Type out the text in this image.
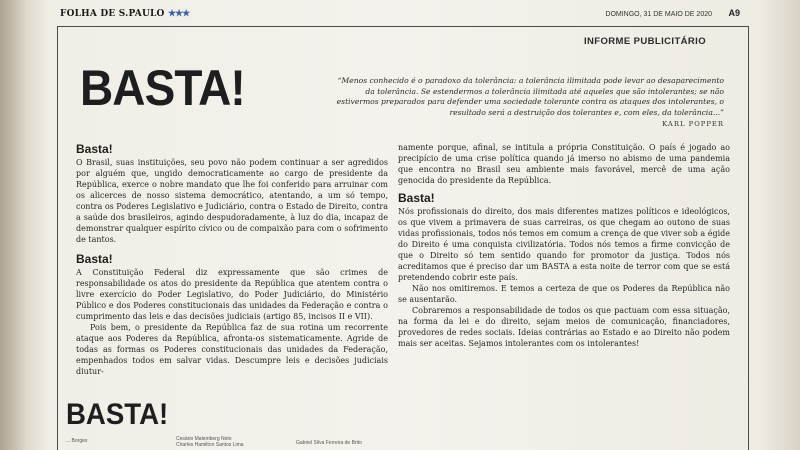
FOLHA DE S.PAULO ★★★	DOMINGO, 31 DE MAIO DE 2020 A9
INFORME PUBLICITÁRIO
BASTA!	“Menos conhecido é o paradoxo da tolerância: a tolerância ilimitada pode levar ao desaparecimento da tolerância. Se estendermos a tolerância ilimitada até aqueles que são intolerantes; se não estivermos preparados para defender uma sociedade tolerante contra os ataques dos intolerantes, o resultado será a destruição dos tolerantes e, com eles, da tolerância...”
KARL POPPER
Basta!

O Brasil, suas instituições, seu povo não podem continuar a ser agredidos por alguém que, ungido democraticamente ao cargo de presidente da República, exerce o nobre mandato que lhe foi conferido para arruinar com os alicerces de nosso sistema democrático, atentando, a um só tempo, contra os Poderes Legislativo e Judiciário, contra o Estado de Direito, contra a saúde dos brasileiros, agindo despudoradamente, à luz do dia, incapaz de demonstrar qualquer espírito cívico ou de compaixão para com o sofrimento de tantos.

Basta!

A Constituição Federal diz expressamente que são crimes de responsabilidade os atos do presidente da República que atentem contra o livre exercício do Poder Legislativo, do Poder Judiciário, do Ministério Público e dos Poderes constitucionais das unidades da Federação e contra o cumprimento das leis e das decisões judiciais (artigo 85, incisos II e VII).

Pois bem, o presidente da República faz de sua rotina um recorrente ataque aos Poderes da República, afronta-os sistematicamente. Agride de todas as formas os Poderes constitucionais das unidades da Federação, empenhados todos em salvar vidas. Descumpre leis e decisões judiciais diutur-

namente porque, afinal, se intitula a própria Constituição. O país é jogado ao precipício de uma crise política quando já imerso no abismo de uma pandemia que encontra no Brasil seu ambiente mais favorável, mercê de uma ação genocida do presidente da República.

Basta!

Nós profissionais do direito, dos mais diferentes matizes políticos e ideológicos, os que vivem a primavera de suas carreiras, os que chegam ao outono de suas vidas profissionais, todos nós temos em comum a crença de que viver sob a égide do Direito é uma conquista civilizatória. Todos nós temos a firme convicção de que o Direito só tem sentido quando for promotor da justiça. Todos nós acreditamos que é preciso dar um BASTA a esta noite de terror com que se está pretendendo cobrir este país.

Não nos omitiremos. E temos a certeza de que os Poderes da República não se ausentarão.

Cobraremos a responsabilidade de todos os que pactuam com essa situação, na forma da lei e do direito, sejam meios de comunicação, financiadores, provedores de redes sociais. Ideias contrárias ao Estado e ao Direito não podem mais ser aceitas. Sejamos intolerantes com os intolerantes!

BASTA!
... Borges	Cesário Malemberg Neto
Charles Hamilton Santos Lima	Gabriel Silva Ferreira de Brito
